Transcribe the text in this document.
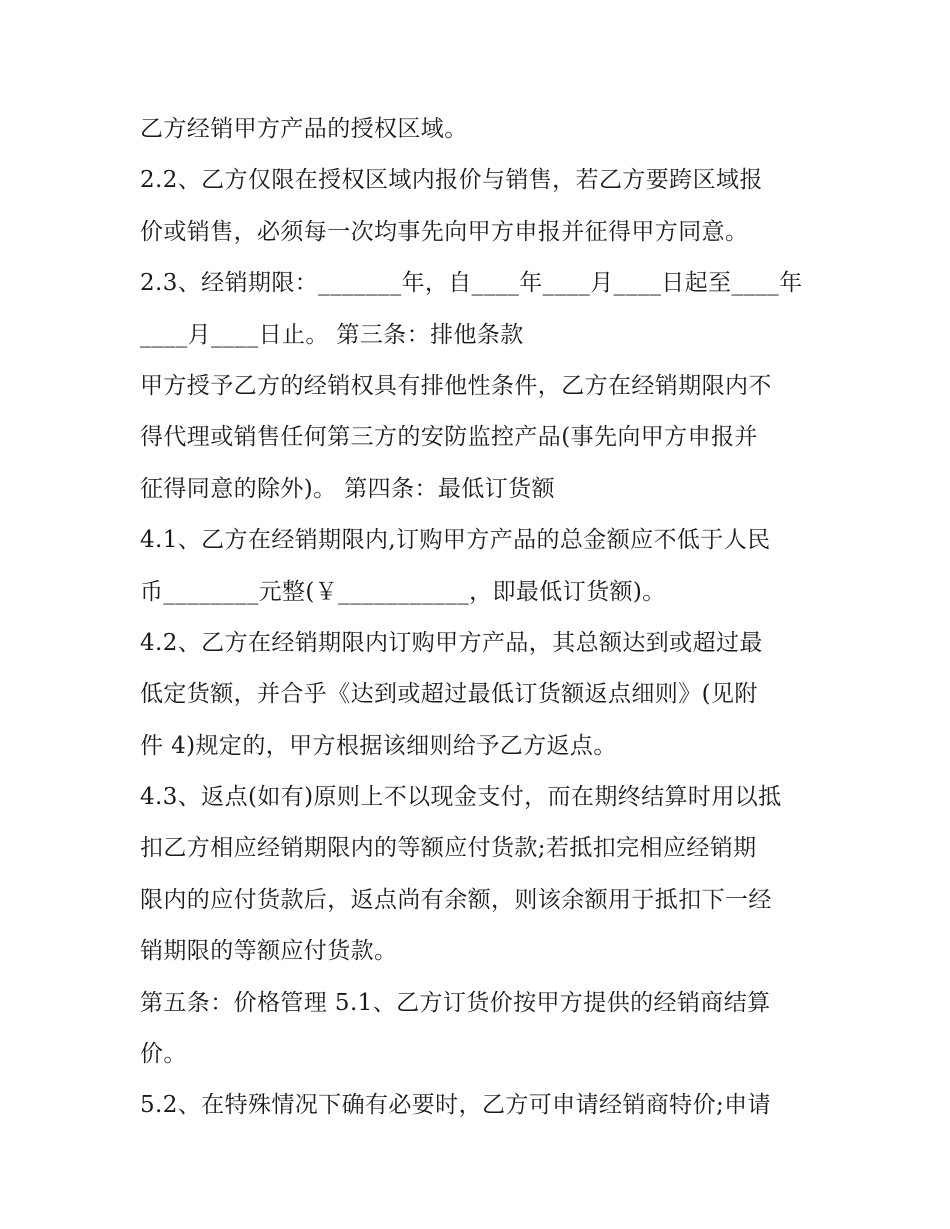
乙方经销甲方产品的授权区域。
2.2、乙方仅限在授权区域内报价与销售，若乙方要跨区域报
价或销售，必须每一次均事先向甲方申报并征得甲方同意。
2.3、经销期限：_______年，自____年____月____日起至____年
____月____日止。 第三条：排他条款
甲方授予乙方的经销权具有排他性条件，乙方在经销期限内不
得代理或销售任何第三方的安防监控产品(事先向甲方申报并
征得同意的除外)。 第四条：最低订货额
4.1、乙方在经销期限内,订购甲方产品的总金额应不低于人民
币________元整(￥___________，即最低订货额)。
4.2、乙方在经销期限内订购甲方产品，其总额达到或超过最
低定货额，并合乎《达到或超过最低订货额返点细则》(见附
件 4)规定的，甲方根据该细则给予乙方返点。
4.3、返点(如有)原则上不以现金支付，而在期终结算时用以抵
扣乙方相应经销期限内的等额应付货款;若抵扣完相应经销期
限内的应付货款后，返点尚有余额，则该余额用于抵扣下一经
销期限的等额应付货款。
第五条：价格管理 5.1、乙方订货价按甲方提供的经销商结算
价。
5.2、在特殊情况下确有必要时，乙方可申请经销商特价;申请
